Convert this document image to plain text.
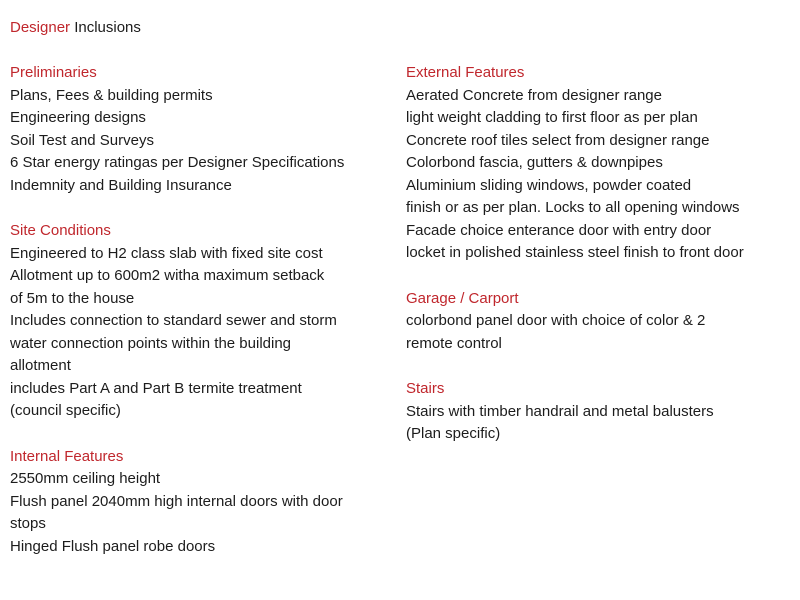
Designer Inclusions
Preliminaries
Plans, Fees & building permits
Engineering designs
Soil Test and Surveys
6 Star energy ratingas per Designer Specifications
Indemnity and Building Insurance
Site Conditions
Engineered to H2 class slab with fixed site cost
Allotment up to 600m2 witha maximum setback
of 5m to the house
Includes connection to standard sewer and storm
water connection points within the building
allotment
includes Part A and Part B termite treatment
(council specific)
Internal Features
2550mm ceiling height
Flush panel 2040mm high internal doors with door
stops
Hinged Flush panel robe doors
External Features
Aerated Concrete from designer range
light weight cladding to first floor as per plan
Concrete roof tiles select from designer range
Colorbond fascia, gutters & downpipes
Aluminium sliding windows, powder coated
finish or as per plan. Locks to all opening windows
Facade choice enterance door with entry door
locket in polished stainless steel finish to front door
Garage / Carport
colorbond panel door with choice of color & 2
remote control
Stairs
Stairs with timber handrail and metal balusters
(Plan specific)
